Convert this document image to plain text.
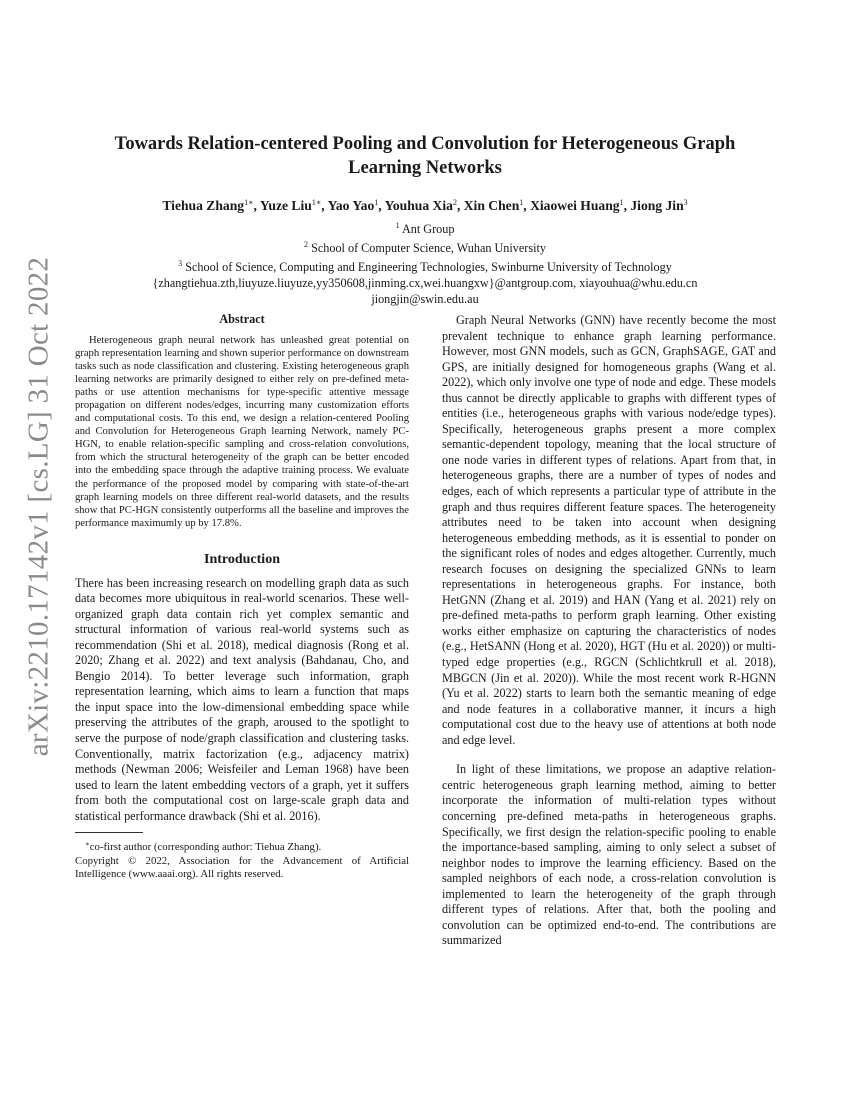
arXiv:2210.17142v1 [cs.LG] 31 Oct 2022
Towards Relation-centered Pooling and Convolution for Heterogeneous Graph
Learning Networks
Tiehua Zhang$^{1∗}$, Yuze Liu$^{1∗}$, Yao Yao$^1$, Youhua Xia$^2$, Xin Chen$^1$, Xiaowei Huang$^1$, Jiong Jin$^3$
$^1$ Ant Group
$^2$ School of Computer Science, Wuhan University
$^3$ School of Science, Computing and Engineering Technologies, Swinburne University of Technology
{zhangtiehua.zth,liuyuze.liuyuze,yy350608,jinming.cx,wei.huangxw}@antgroup.com, xiayouhua@whu.edu.cn
jiongjin@swin.edu.au
Abstract

Heterogeneous graph neural network has unleashed great potential on graph representation learning and shown superior performance on downstream tasks such as node classification and clustering. Existing heterogeneous graph learning networks are primarily designed to either rely on pre-defined meta-paths or use attention mechanisms for type-specific attentive message propagation on different nodes/edges, incurring many customization efforts and computational costs. To this end, we design a relation-centered Pooling and Convolution for Heterogeneous Graph learning Network, namely PC-HGN, to enable relation-specific sampling and cross-relation convolutions, from which the structural heterogeneity of the graph can be better encoded into the embedding space through the adaptive training process. We evaluate the performance of the proposed model by comparing with state-of-the-art graph learning models on three different real-world datasets, and the results show that PC-HGN consistently outperforms all the baseline and improves the performance maximumly up by 17.8%.

Introduction

There has been increasing research on modelling graph data as such data becomes more ubiquitous in real-world scenarios. These well-organized graph data contain rich yet complex semantic and structural information of various real-world systems such as recommendation (Shi et al. 2018), medical diagnosis (Rong et al. 2020; Zhang et al. 2022) and text analysis (Bahdanau, Cho, and Bengio 2014). To better leverage such information, graph representation learning, which aims to learn a function that maps the input space into the low-dimensional embedding space while preserving the attributes of the graph, aroused to the spotlight to serve the purpose of node/graph classification and clustering tasks. Conventionally, matrix factorization (e.g., adjacency matrix) methods (Newman 2006; Weisfeiler and Leman 1968) have been used to learn the latent embedding vectors of a graph, yet it suffers from both the computational cost on large-scale graph data and statistical performance drawback (Shi et al. 2016).

∗co-first author (corresponding author: Tiehua Zhang).
Copyright © 2022, Association for the Advancement of Artificial Intelligence (www.aaai.org). All rights reserved.

Graph Neural Networks (GNN) have recently become the most prevalent technique to enhance graph learning performance. However, most GNN models, such as GCN, GraphSAGE, GAT and GPS, are initially designed for homogeneous graphs (Wang et al. 2022), which only involve one type of node and edge. These models thus cannot be directly applicable to graphs with different types of entities (i.e., heterogeneous graphs with various node/edge types). Specifically, heterogeneous graphs present a more complex semantic-dependent topology, meaning that the local structure of one node varies in different types of relations. Apart from that, in heterogeneous graphs, there are a number of types of nodes and edges, each of which represents a particular type of attribute in the graph and thus requires different feature spaces. The heterogeneity attributes need to be taken into account when designing heterogeneous embedding methods, as it is essential to ponder on the significant roles of nodes and edges altogether. Currently, much research focuses on designing the specialized GNNs to learn representations in heterogeneous graphs. For instance, both HetGNN (Zhang et al. 2019) and HAN (Yang et al. 2021) rely on pre-defined meta-paths to perform graph learning. Other existing works either emphasize on capturing the characteristics of nodes (e.g., HetSANN (Hong et al. 2020), HGT (Hu et al. 2020)) or multi-typed edge properties (e.g., RGCN (Schlichtkrull et al. 2018), MBGCN (Jin et al. 2020)). While the most recent work R-HGNN (Yu et al. 2022) starts to learn both the semantic meaning of edge and node features in a collaborative manner, it incurs a high computational cost due to the heavy use of attentions at both node and edge level.

In light of these limitations, we propose an adaptive relation-centric heterogeneous graph learning method, aiming to better incorporate the information of multi-relation types without concerning pre-defined meta-paths in heterogeneous graphs. Specifically, we first design the relation-specific pooling to enable the importance-based sampling, aiming to only select a subset of neighbor nodes to improve the learning efficiency. Based on the sampled neighbors of each node, a cross-relation convolution is implemented to learn the heterogeneity of the graph through different types of relations. After that, both the pooling and convolution can be optimized end-to-end. The contributions are summarized
